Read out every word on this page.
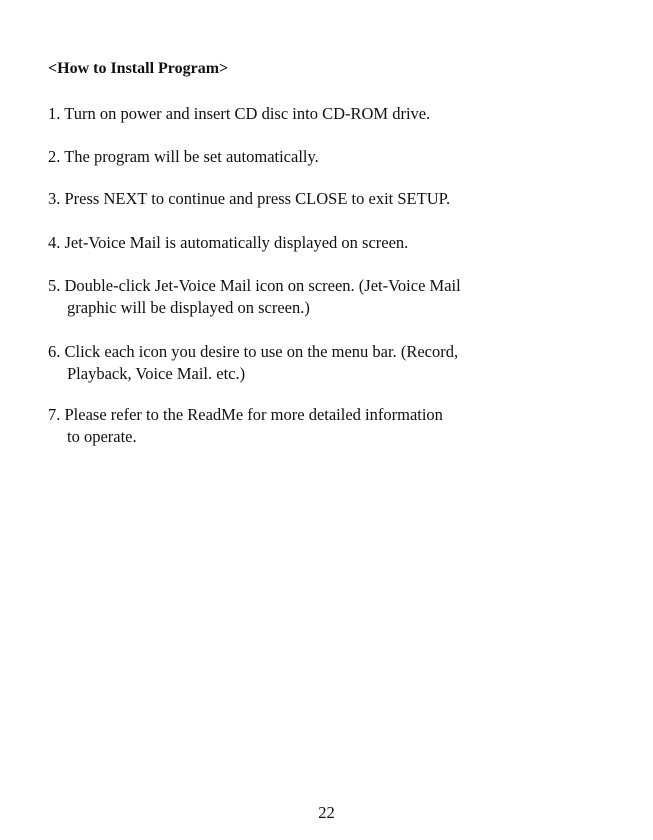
<How to Install Program>
1. Turn on power and insert CD disc into CD-ROM drive.
2. The program will be set automatically.
3. Press NEXT to continue and press CLOSE to exit SETUP.
4. Jet-Voice Mail is automatically displayed on screen.
5. Double-click Jet-Voice Mail icon on screen. (Jet-Voice Mail
graphic will be displayed on screen.)
6. Click each icon you desire to use on the menu bar. (Record,
Playback, Voice Mail. etc.)
7. Please refer to the ReadMe for more detailed information
to operate.
22
